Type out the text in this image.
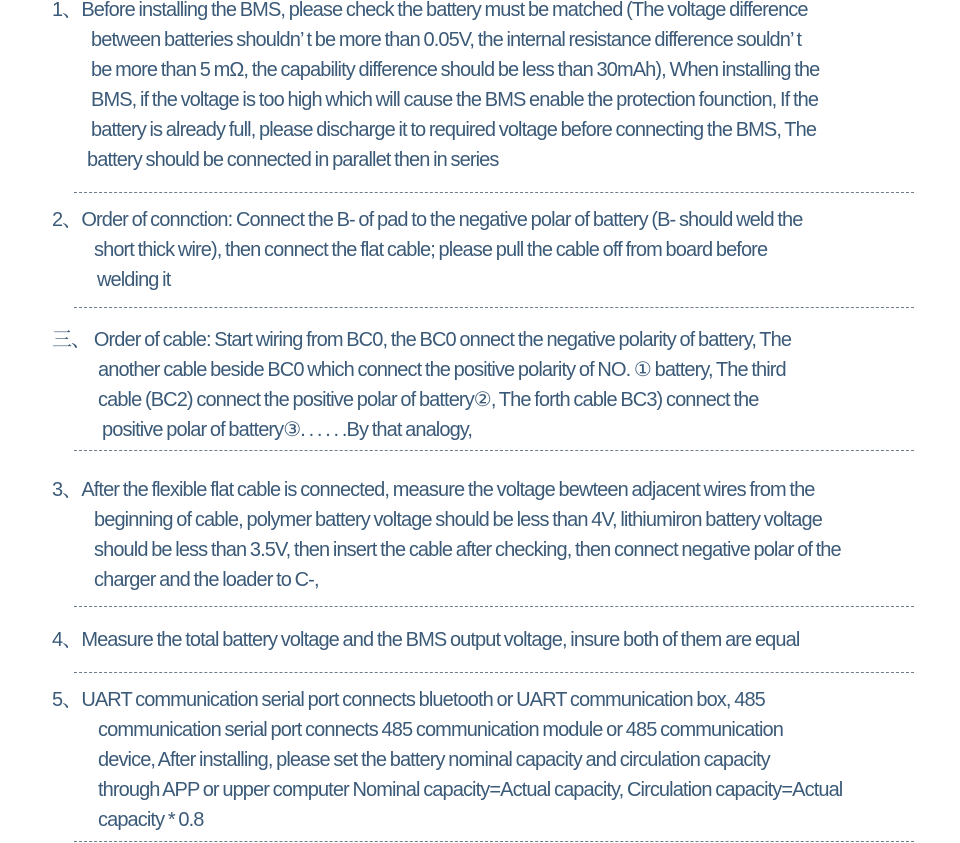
1、Before installing the BMS, please check the battery must be matched (The voltage difference
between batteries shouldn’ t be more than 0.05V, the internal resistance difference souldn’ t
be more than 5 mΩ, the capability difference should be less than 30mAh), When installing the
BMS, if the voltage is too high which will cause the BMS enable the protection founction, If the
battery is already full, please discharge it to required voltage before connecting the BMS, The
battery should be connected in parallet then in series
2、Order of connction: Connect the B- of pad to the negative polar of battery (B- should weld the
short thick wire), then connect the flat cable; please pull the cable off from board before
welding it
三、 Order of cable: Start wiring from BC0, the BC0 onnect the negative polarity of battery, The
another cable beside BC0 which connect the positive polarity of NO. ① battery, The third
cable (BC2) connect the positive polar of battery②, The forth cable BC3) connect the
positive polar of battery③. . . . . .By that analogy,
3、After the flexible flat cable is connected, measure the voltage bewteen adjacent wires from the
beginning of cable, polymer battery voltage should be less than 4V, lithiumiron battery voltage
should be less than 3.5V, then insert the cable after checking, then connect negative polar of the
charger and the loader to C-,
4、Measure the total battery voltage and the BMS output voltage, insure both of them are equal
5、UART communication serial port connects bluetooth or UART communication box, 485
communication serial port connects 485 communication module or 485 communication
device, After installing, please set the battery nominal capacity and circulation capacity
through APP or upper computer Nominal capacity=Actual capacity, Circulation capacity=Actual
capacity * 0.8
